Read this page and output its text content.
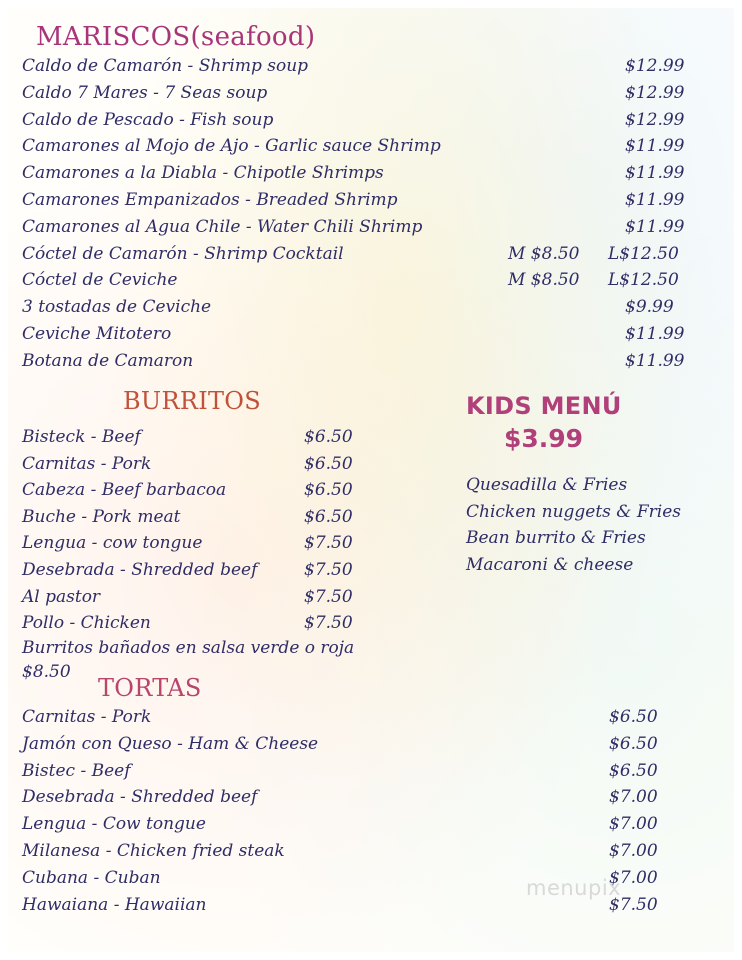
MARISCOS(seafood)
Caldo de Camarón - Shrimp soup	$12.99
Caldo 7 Mares - 7 Seas soup	$12.99
Caldo de Pescado - Fish soup	$12.99
Camarones al Mojo de Ajo - Garlic sauce Shrimp	$11.99
Camarones a la Diabla - Chipotle Shrimps	$11.99
Camarones Empanizados - Breaded Shrimp	$11.99
Camarones al Agua Chile - Water Chili Shrimp	$11.99
Cóctel de Camarón - Shrimp Cocktail	M $8.50 L$12.50
Cóctel de Ceviche	M $8.50 L$12.50
3 tostadas de Ceviche	$9.99
Ceviche Mitotero	$11.99
Botana de Camaron	$11.99
BURRITOS
Bisteck - Beef	$6.50
Carnitas - Pork	$6.50
Cabeza - Beef barbacoa	$6.50
Buche - Pork meat	$6.50
Lengua - cow tongue	$7.50
Desebrada - Shredded beef	$7.50
Al pastor	$7.50
Pollo - Chicken	$7.50
Burritos bañados en salsa verde o roja
$8.50
KIDS MENÚ
$3.99
Quesadilla & Fries
Chicken nuggets & Fries
Bean burrito & Fries
Macaroni & cheese
TORTAS
Carnitas - Pork	$6.50
Jamón con Queso - Ham & Cheese	$6.50
Bistec - Beef	$6.50
Desebrada - Shredded beef	$7.00
Lengua - Cow tongue	$7.00
Milanesa - Chicken fried steak	$7.00
Cubana - Cuban	$7.00
Hawaiana - Hawaiian	$7.50
menupix
